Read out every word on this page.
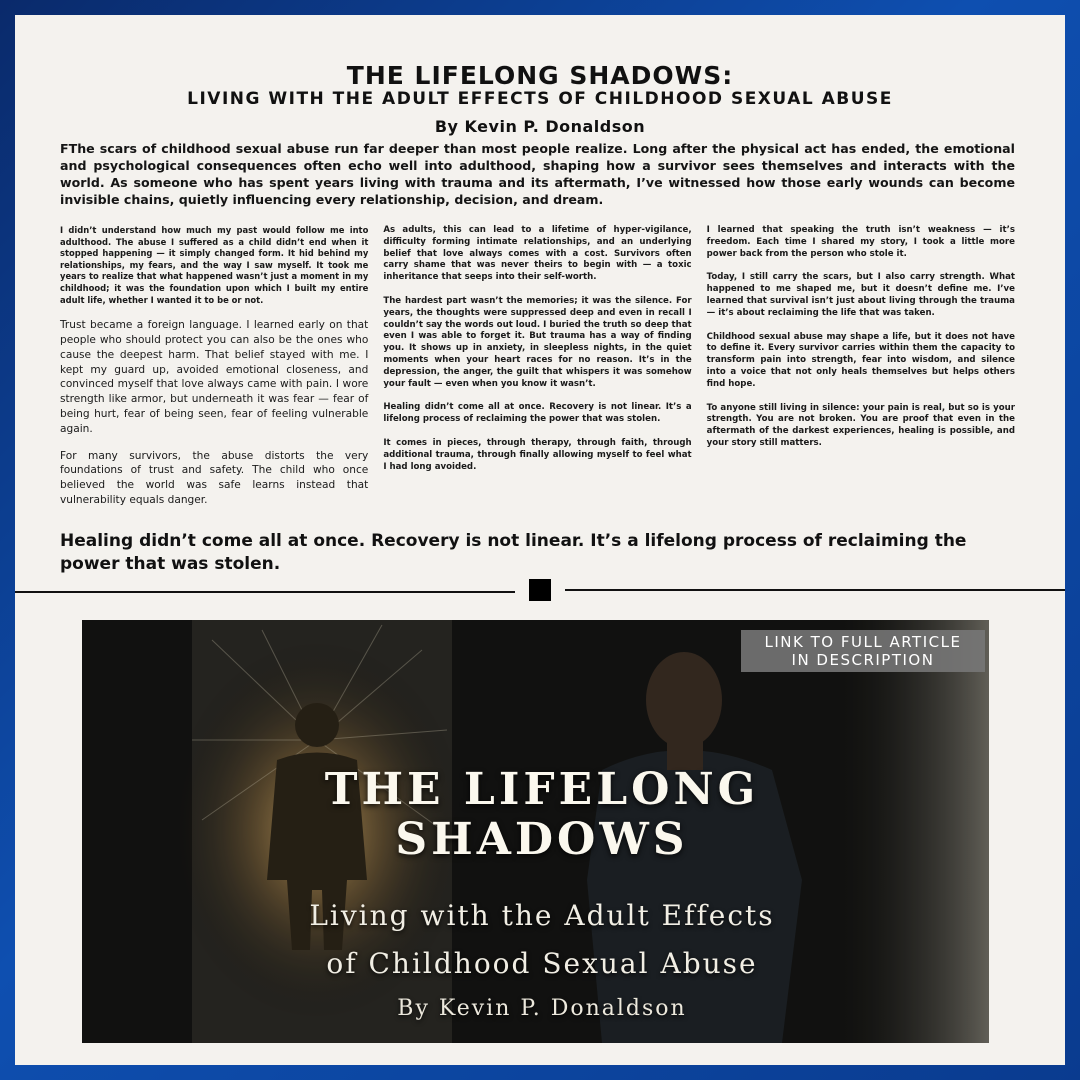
THE LIFELONG SHADOWS:
LIVING WITH THE ADULT EFFECTS OF CHILDHOOD SEXUAL ABUSE
By Kevin P. Donaldson

FThe scars of childhood sexual abuse run far deeper than most people realize. Long after the physical act has ended, the emotional and psychological consequences often echo well into adulthood, shaping how a survivor sees themselves and interacts with the world. As someone who has spent years living with trauma and its aftermath, I’ve witnessed how those early wounds can become invisible chains, quietly influencing every relationship, decision, and dream.

I didn’t understand how much my past would follow me into adulthood. The abuse I suffered as a child didn’t end when it stopped happening — it simply changed form. It hid behind my relationships, my fears, and the way I saw myself. It took me years to realize that what happened wasn’t just a moment in my childhood; it was the foundation upon which I built my entire adult life, whether I wanted it to be or not.

Trust became a foreign language. I learned early on that people who should protect you can also be the ones who cause the deepest harm. That belief stayed with me. I kept my guard up, avoided emotional closeness, and convinced myself that love always came with pain. I wore strength like armor, but underneath it was fear — fear of being hurt, fear of being seen, fear of feeling vulnerable again.

For many survivors, the abuse distorts the very foundations of trust and safety. The child who once believed the world was safe learns instead that vulnerability equals danger.

As adults, this can lead to a lifetime of hyper-vigilance, difficulty forming intimate relationships, and an underlying belief that love always comes with a cost. Survivors often carry shame that was never theirs to begin with — a toxic inheritance that seeps into their self-worth.

The hardest part wasn’t the memories; it was the silence. For years, the thoughts were suppressed deep and even in recall I couldn’t say the words out loud. I buried the truth so deep that even I was able to forget it. But trauma has a way of finding you. It shows up in anxiety, in sleepless nights, in the quiet moments when your heart races for no reason. It’s in the depression, the anger, the guilt that whispers it was somehow your fault — even when you know it wasn’t.

Healing didn’t come all at once. Recovery is not linear. It’s a lifelong process of reclaiming the power that was stolen.

It comes in pieces, through therapy, through faith, through additional trauma, through finally allowing myself to feel what I had long avoided.

I learned that speaking the truth isn’t weakness — it’s freedom. Each time I shared my story, I took a little more power back from the person who stole it.

Today, I still carry the scars, but I also carry strength. What happened to me shaped me, but it doesn’t define me. I’ve learned that survival isn’t just about living through the trauma — it’s about reclaiming the life that was taken.

Childhood sexual abuse may shape a life, but it does not have to define it. Every survivor carries within them the capacity to transform pain into strength, fear into wisdom, and silence into a voice that not only heals themselves but helps others find hope.

To anyone still living in silence: your pain is real, but so is your strength. You are not broken. You are proof that even in the aftermath of the darkest experiences, healing is possible, and your story still matters.

Healing didn’t come all at once. Recovery is not linear. It’s a lifelong process of reclaiming the power that was stolen.

LINK TO FULL ARTICLE
IN DESCRIPTION
THE LIFELONG
SHADOWS
Living with the Adult Effects
of Childhood Sexual Abuse
By Kevin P. Donaldson
